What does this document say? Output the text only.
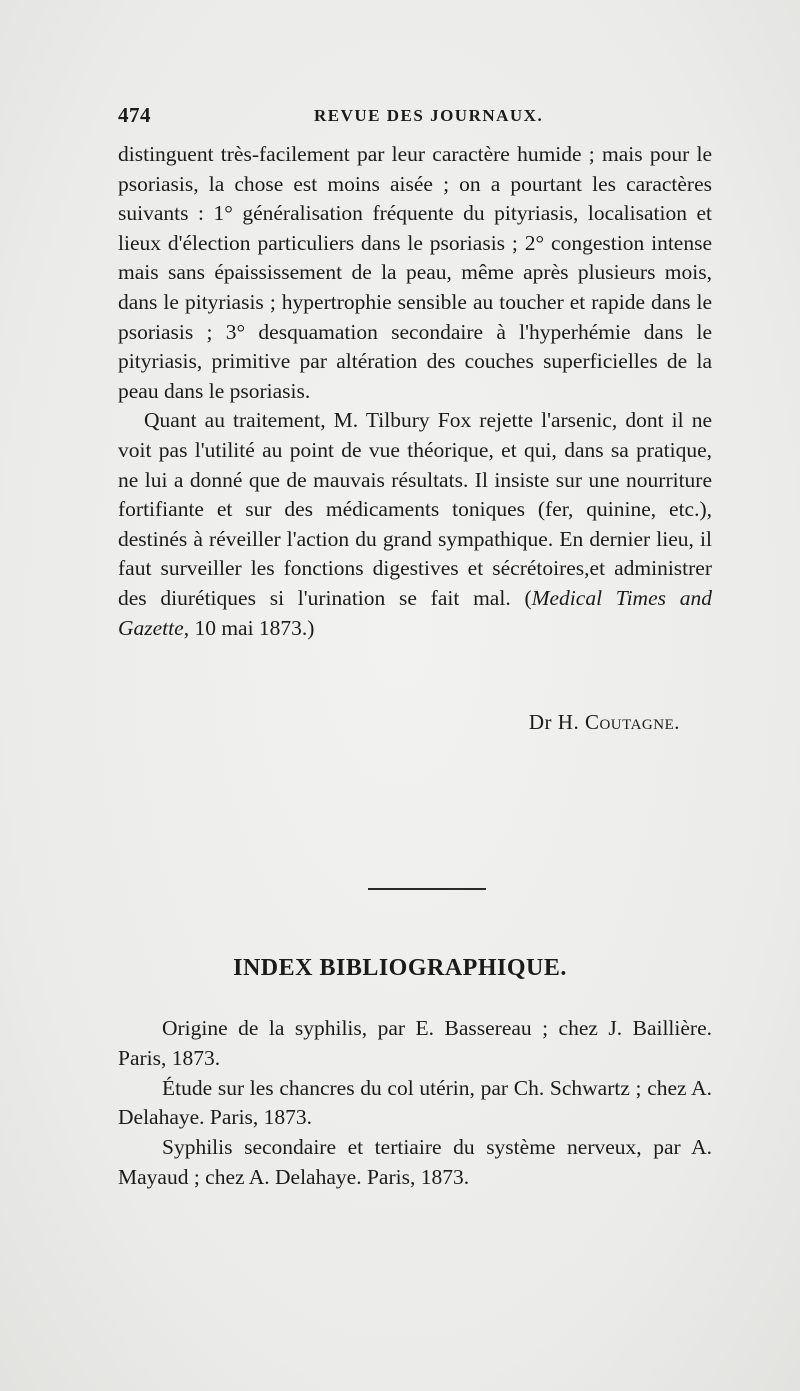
474	REVUE DES JOURNAUX.

distinguent très-facilement par leur caractère humide ; mais pour le psoriasis, la chose est moins aisée ; on a pourtant les caractères suivants : 1° généralisation fréquente du pityriasis, localisation et lieux d'élection particuliers dans le psoriasis ; 2° congestion intense mais sans épaississement de la peau, même après plusieurs mois, dans le pityriasis ; hypertrophie sensible au toucher et rapide dans le psoriasis ; 3° desquamation secondaire à l'hyperhémie dans le pityriasis, primitive par altération des couches superficielles de la peau dans le psoriasis.

Quant au traitement, M. Tilbury Fox rejette l'arsenic, dont il ne voit pas l'utilité au point de vue théorique, et qui, dans sa pratique, ne lui a donné que de mauvais résultats. Il insiste sur une nourriture fortifiante et sur des médicaments toniques (fer, quinine, etc.), destinés à réveiller l'action du grand sympathique. En dernier lieu, il faut surveiller les fonctions digestives et sécrétoires,et administrer des diurétiques si l'urination se fait mal. (Medical Times and Gazette, 10 mai 1873.)

Dr H. Coutagne.
INDEX BIBLIOGRAPHIQUE.

Origine de la syphilis, par E. Bassereau ; chez J. Baillière. Paris, 1873.

Étude sur les chancres du col utérin, par Ch. Schwartz ; chez A. Delahaye. Paris, 1873.

Syphilis secondaire et tertiaire du système nerveux, par A. Mayaud ; chez A. Delahaye. Paris, 1873.
